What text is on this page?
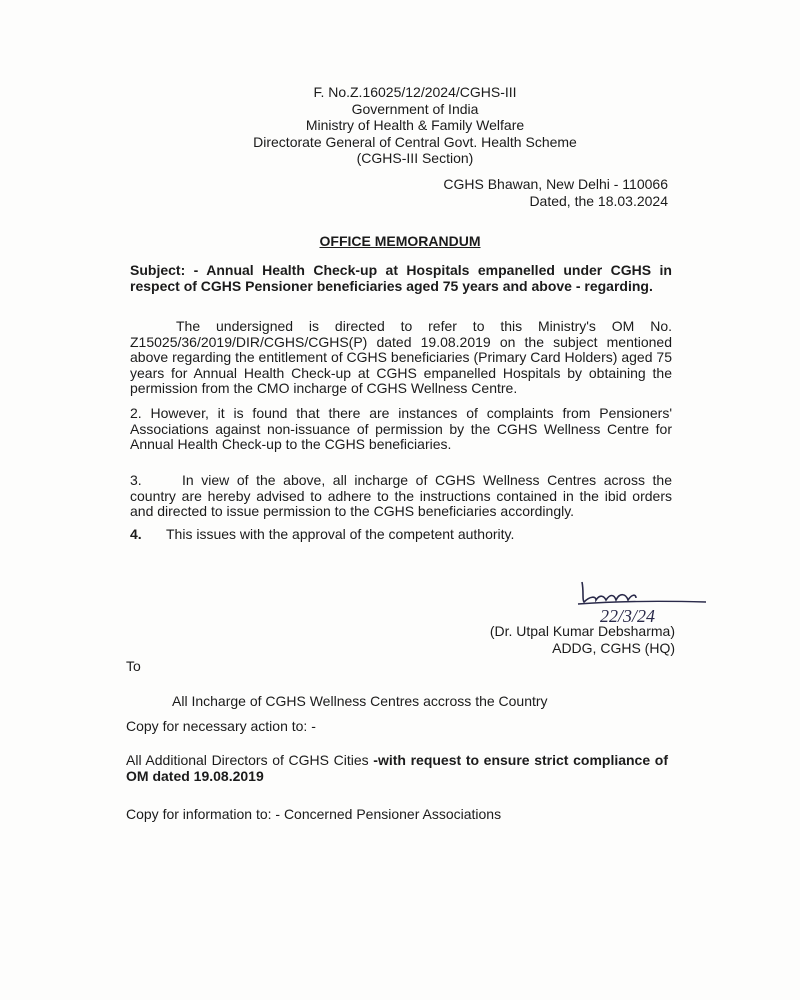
F. No.Z.16025/12/2024/CGHS-III
Government of India
Ministry of Health & Family Welfare
Directorate General of Central Govt. Health Scheme
(CGHS-III Section)
CGHS Bhawan, New Delhi - 110066
Dated, the 18.03.2024
OFFICE MEMORANDUM
Subject: - Annual Health Check-up at Hospitals empanelled under CGHS in respect of CGHS Pensioner beneficiaries aged 75 years and above - regarding.
The undersigned is directed to refer to this Ministry's OM No. Z15025/36/2019/DIR/CGHS/CGHS(P) dated 19.08.2019 on the subject mentioned above regarding the entitlement of CGHS beneficiaries (Primary Card Holders) aged 75 years for Annual Health Check-up at CGHS empanelled Hospitals by obtaining the permission from the CMO incharge of CGHS Wellness Centre.
2. However, it is found that there are instances of complaints from Pensioners' Associations against non-issuance of permission by the CGHS Wellness Centre for Annual Health Check-up to the CGHS beneficiaries.
3.	In view of the above, all incharge of CGHS Wellness Centres across the country are hereby advised to adhere to the instructions contained in the ibid orders and directed to issue permission to the CGHS beneficiaries accordingly.
4. This issues with the approval of the competent authority.
22/3/24
(Dr. Utpal Kumar Debsharma)
ADDG, CGHS (HQ)
To
All Incharge of CGHS Wellness Centres accross the Country
Copy for necessary action to: -
All Additional Directors of CGHS Cities -with request to ensure strict compliance of OM dated 19.08.2019
Copy for information to: - Concerned Pensioner Associations
